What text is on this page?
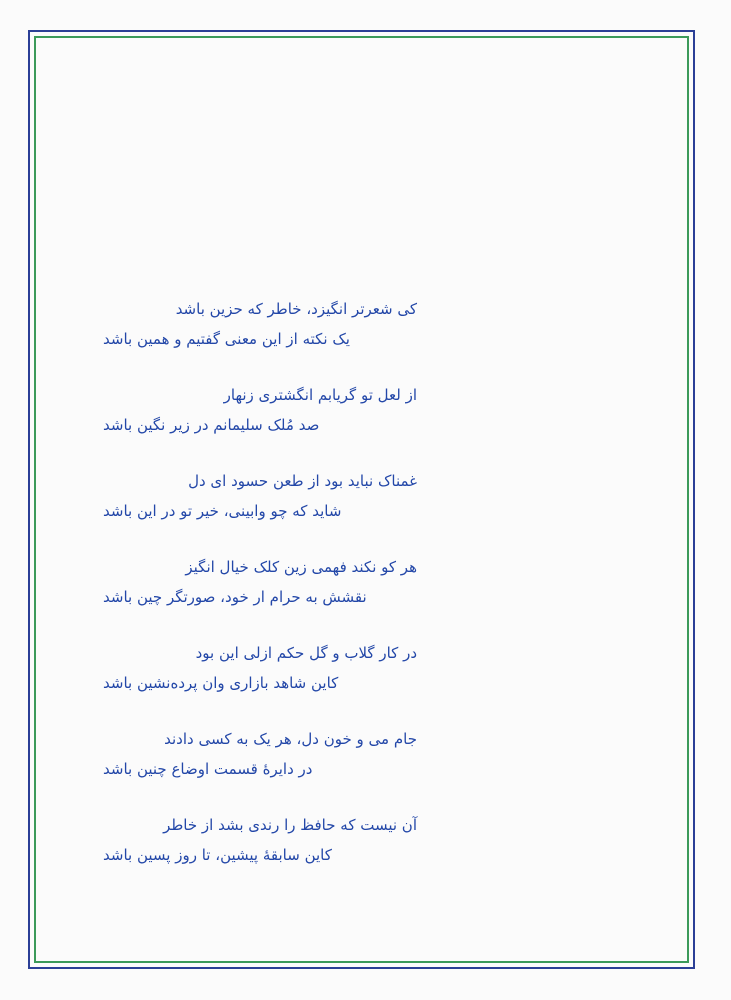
کی شعرتر انگیزد، خاطر که حزین باشد
یک نکته از این معنی گفتیم و همین باشد
از لعل تو گریابم انگشتری زنهار
صد مُلک سلیمانم در زیر نگین باشد
غمناک نباید بود از طعن حسود ای دل
شاید که چو وابینی، خیر تو در این باشد
هر کو نکند فهمی زین کلک خیال انگیز
نقشش به حرام ار خود، صورتگر چین باشد
در کار گلاب و گل حکم ازلی این بود
کاین شاهد بازاری وان پرده‌نشین باشد
جام می و خون دل، هر یک به کسی دادند
در دایرهٔ قسمت اوضاع چنین باشد
آن نیست که حافظ را رندی بشد از خاطر
کاین سابقهٔ پیشین، تا روز پسین باشد
